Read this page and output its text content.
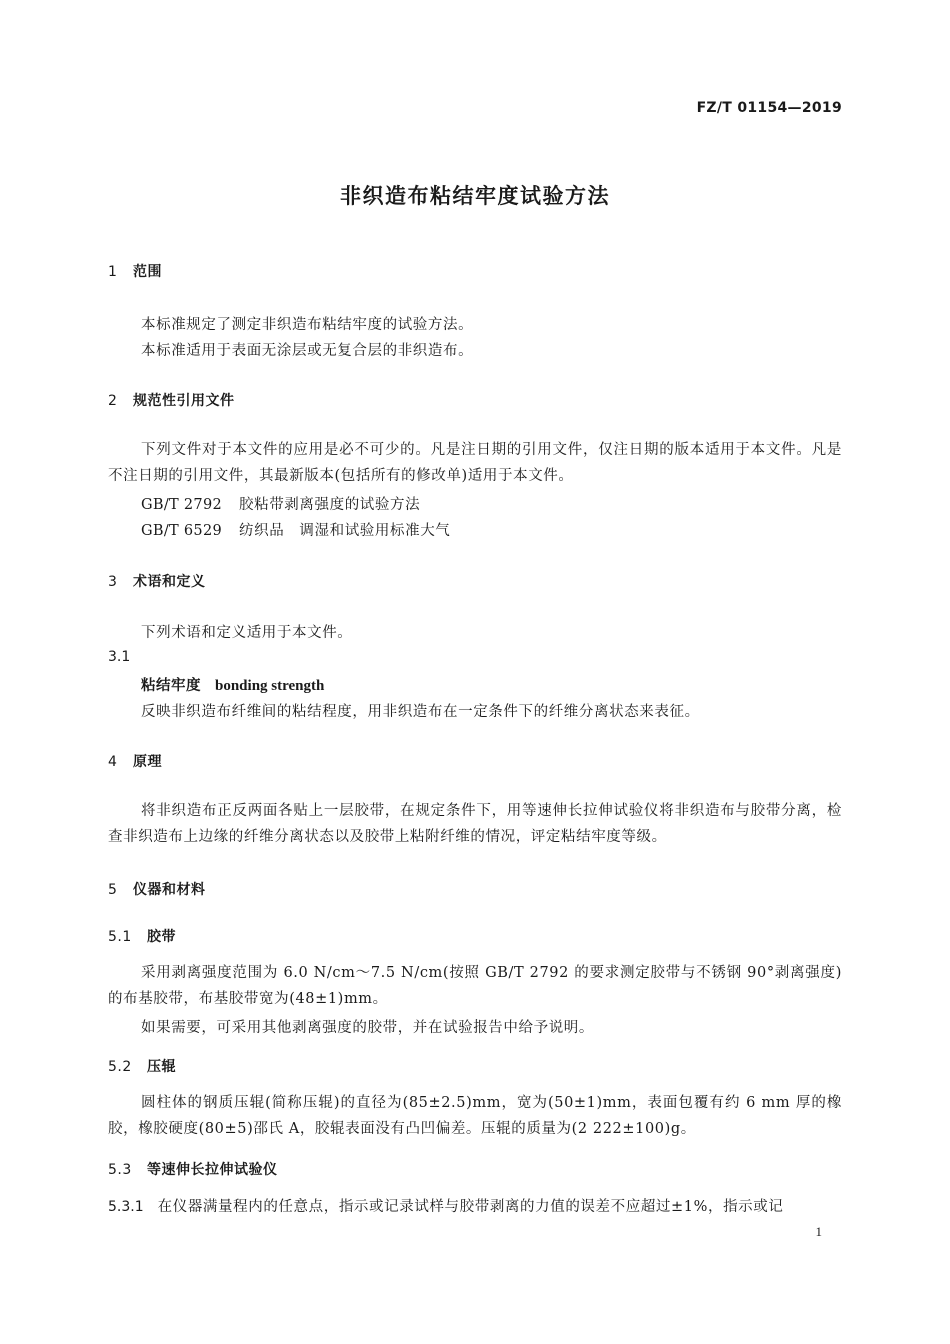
FZ/T 01154—2019
非织造布粘结牢度试验方法
1 范围
本标准规定了测定非织造布粘结牢度的试验方法。
本标准适用于表面无涂层或无复合层的非织造布。
2 规范性引用文件
下列文件对于本文件的应用是必不可少的。凡是注日期的引用文件，仅注日期的版本适用于本文件。凡是不注日期的引用文件，其最新版本(包括所有的修改单)适用于本文件。
GB/T 2792 胶粘带剥离强度的试验方法
GB/T 6529 纺织品　调湿和试验用标准大气
3 术语和定义
下列术语和定义适用于本文件。
3.1
粘结牢度 bonding strength
反映非织造布纤维间的粘结程度，用非织造布在一定条件下的纤维分离状态来表征。
4 原理
将非织造布正反两面各贴上一层胶带，在规定条件下，用等速伸长拉伸试验仪将非织造布与胶带分离，检查非织造布上边缘的纤维分离状态以及胶带上粘附纤维的情况，评定粘结牢度等级。
5 仪器和材料
5.1 胶带
采用剥离强度范围为 6.0 N/cm～7.5 N/cm(按照 GB/T 2792 的要求测定胶带与不锈钢 90°剥离强度)的布基胶带，布基胶带宽为(48±1)mm。
如果需要，可采用其他剥离强度的胶带，并在试验报告中给予说明。
5.2 压辊
圆柱体的钢质压辊(简称压辊)的直径为(85±2.5)mm，宽为(50±1)mm，表面包覆有约 6 mm 厚的橡胶，橡胶硬度(80±5)邵氏 A，胶辊表面没有凸凹偏差。压辊的质量为(2 222±100)g。
5.3 等速伸长拉伸试验仪
5.3.1 在仪器满量程内的任意点，指示或记录试样与胶带剥离的力值的误差不应超过±1%，指示或记
1
